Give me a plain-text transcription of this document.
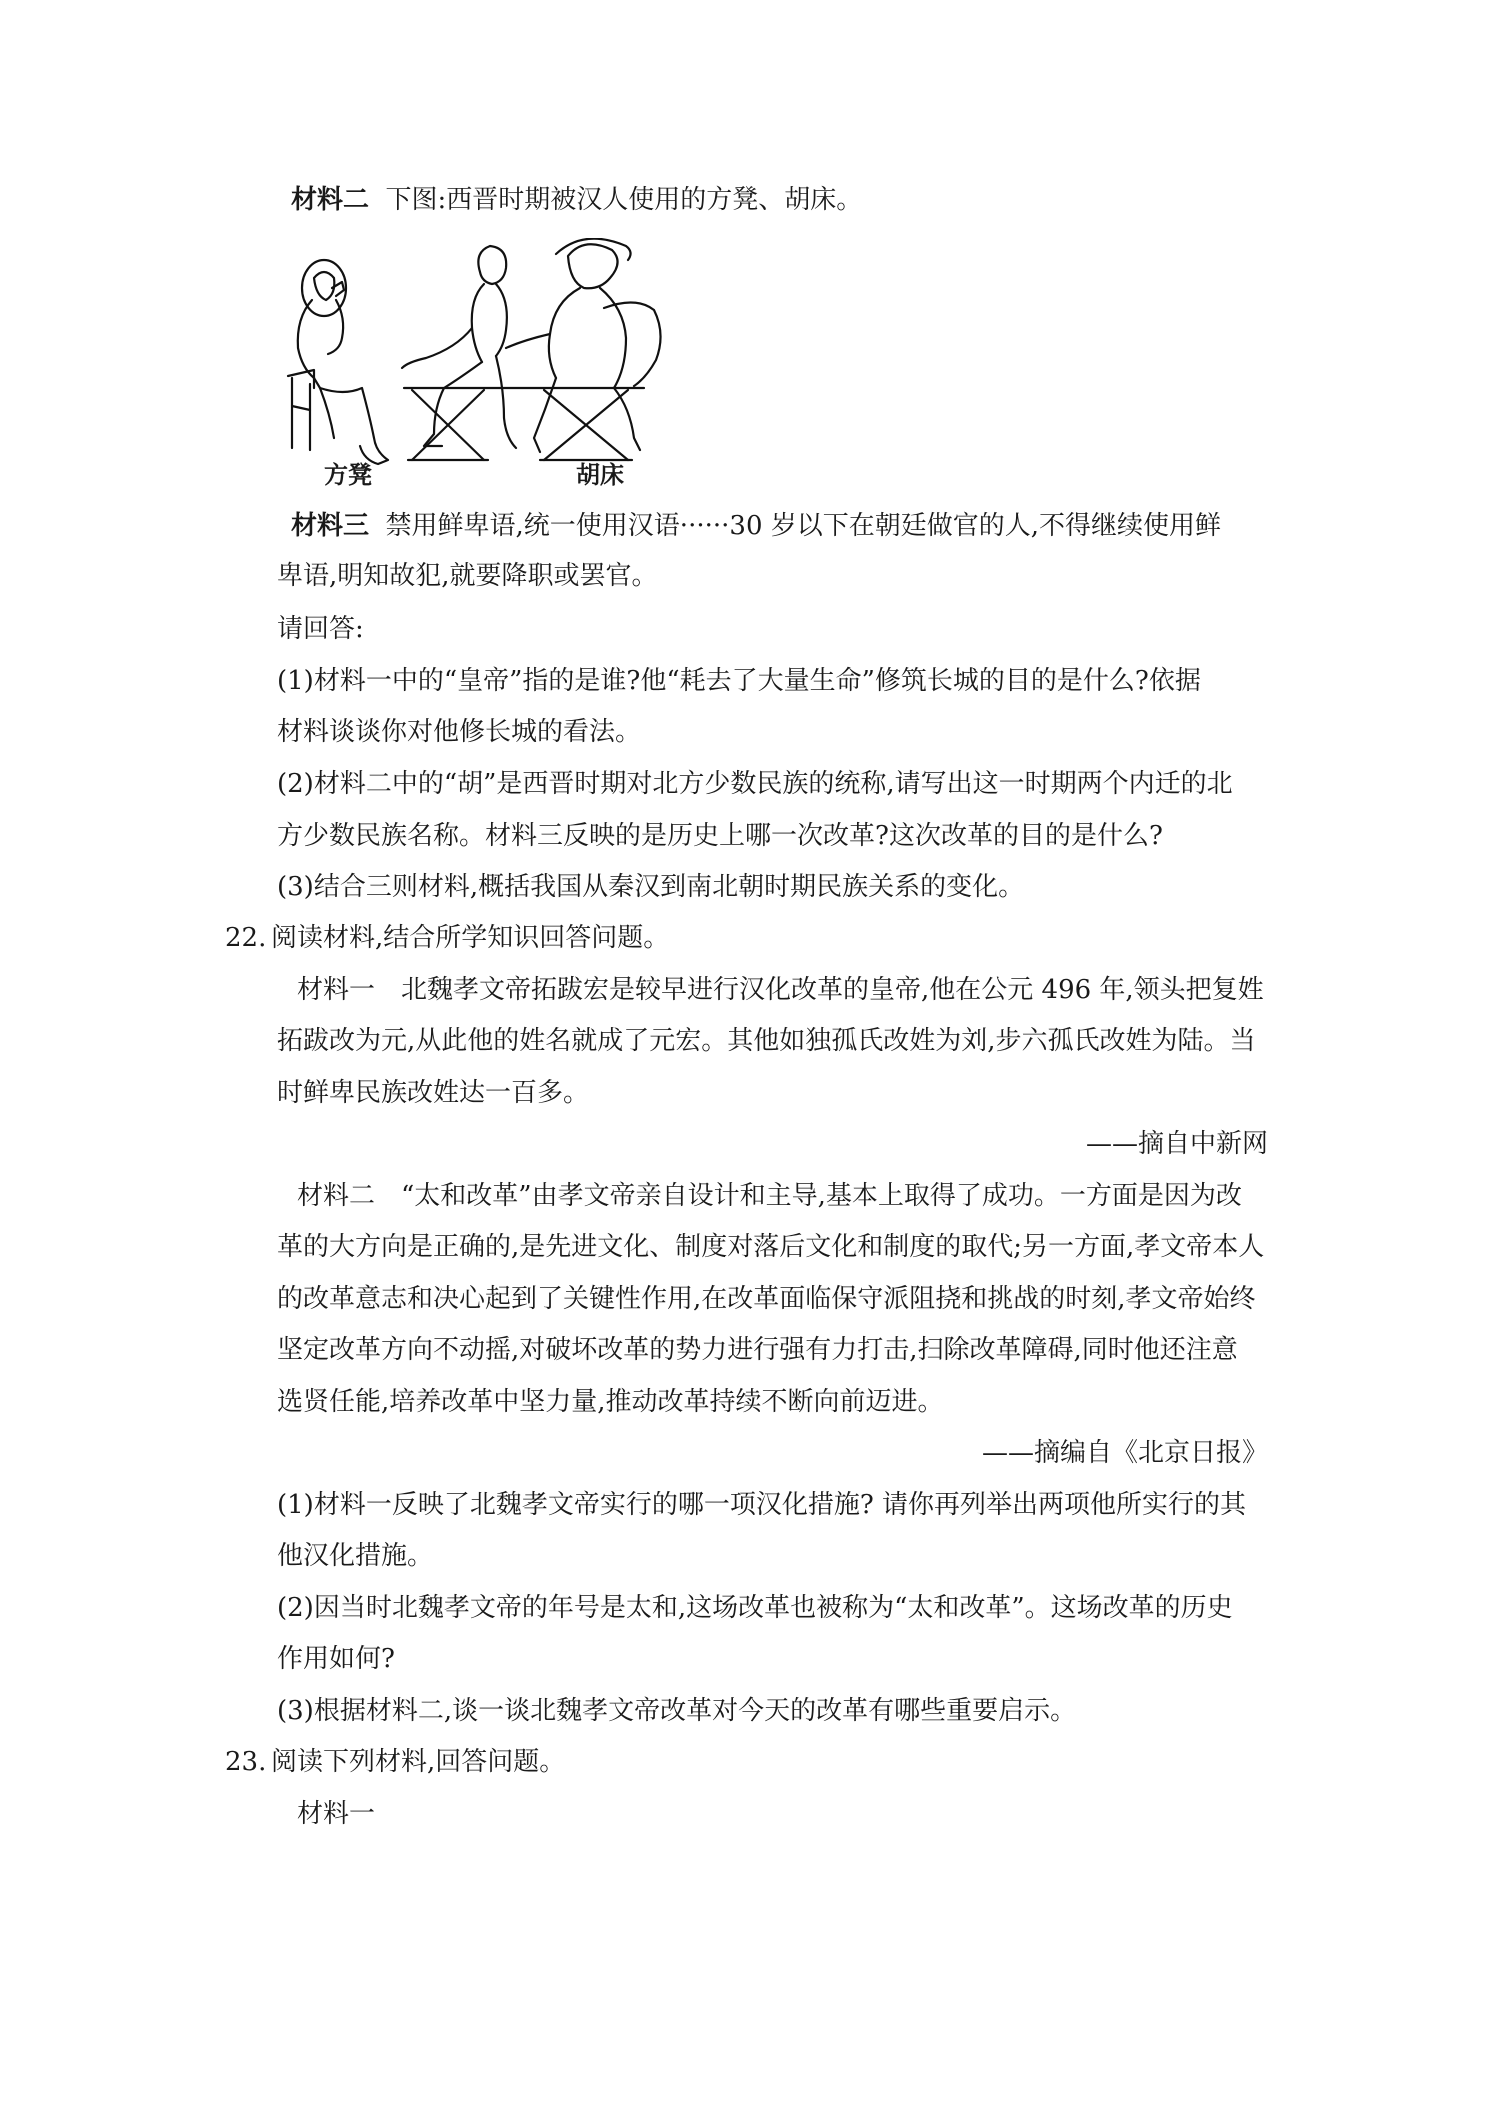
材料二 下图:西晋时期被汉人使用的方凳、胡床。
方凳	胡床
材料三 禁用鲜卑语,统一使用汉语······30 岁以下在朝廷做官的人,不得继续使用鲜
卑语,明知故犯,就要降职或罢官。
请回答:
(1)材料一中的“皇帝”指的是谁?他“耗去了大量生命”修筑长城的目的是什么?依据
材料谈谈你对他修长城的看法。
(2)材料二中的“胡”是西晋时期对北方少数民族的统称,请写出这一时期两个内迁的北
方少数民族名称。材料三反映的是历史上哪一次改革?这次改革的目的是什么?
(3)结合三则材料,概括我国从秦汉到南北朝时期民族关系的变化。
22. 阅读材料,结合所学知识回答问题。
材料一　北魏孝文帝拓跋宏是较早进行汉化改革的皇帝,他在公元 496 年,领头把复姓
拓跋改为元,从此他的姓名就成了元宏。其他如独孤氏改姓为刘,步六孤氏改姓为陆。当
时鲜卑民族改姓达一百多。
——摘自中新网
材料二　“太和改革”由孝文帝亲自设计和主导,基本上取得了成功。一方面是因为改
革的大方向是正确的,是先进文化、制度对落后文化和制度的取代;另一方面,孝文帝本人
的改革意志和决心起到了关键性作用,在改革面临保守派阻挠和挑战的时刻,孝文帝始终
坚定改革方向不动摇,对破坏改革的势力进行强有力打击,扫除改革障碍,同时他还注意
选贤任能,培养改革中坚力量,推动改革持续不断向前迈进。
——摘编自《北京日报》
(1)材料一反映了北魏孝文帝实行的哪一项汉化措施? 请你再列举出两项他所实行的其
他汉化措施。
(2)因当时北魏孝文帝的年号是太和,这场改革也被称为“太和改革”。这场改革的历史
作用如何?
(3)根据材料二,谈一谈北魏孝文帝改革对今天的改革有哪些重要启示。
23. 阅读下列材料,回答问题。
材料一
